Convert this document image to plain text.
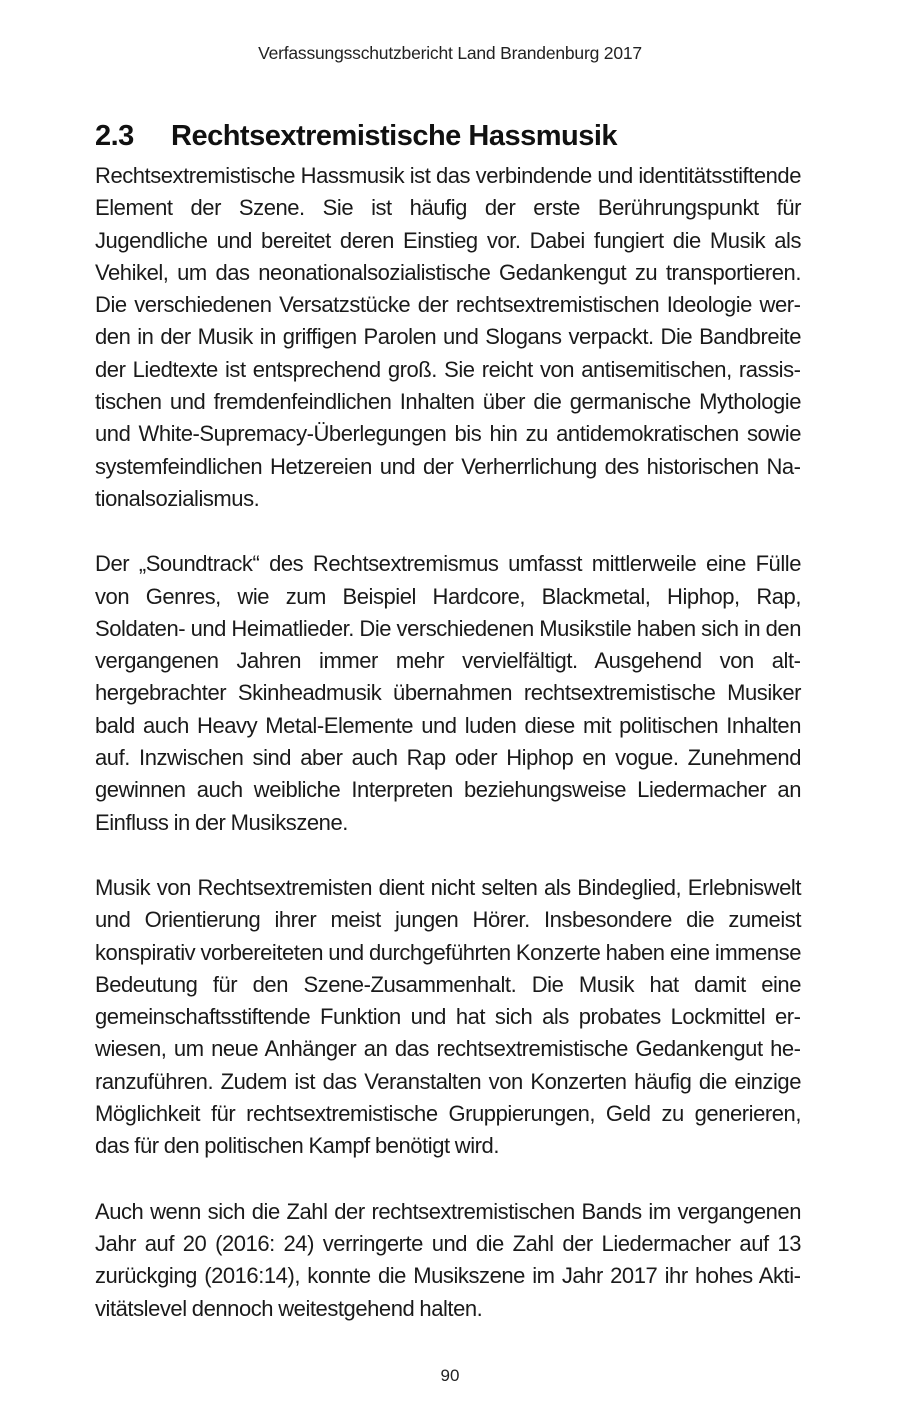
Verfassungsschutzbericht Land Brandenburg 2017
2.3 Rechtsextremistische Hassmusik

Rechtsextremistische Hassmusik ist das verbindende und identitätsstiftende Element der Szene. Sie ist häufig der erste Berührungspunkt für Jugendliche und bereitet deren Einstieg vor. Dabei fungiert die Musik als Vehikel, um das neonationalsozialistische Gedankengut zu transportieren. Die verschiedenen Versatzstücke der rechtsextremistischen Ideologie werden in der Musik in griffigen Parolen und Slogans verpackt. Die Bandbreite der Liedtexte ist entsprechend groß. Sie reicht von antisemitischen, rassistischen und fremdenfeindlichen Inhalten über die germanische Mythologie und White-Supremacy-Überlegungen bis hin zu antidemokratischen sowie systemfeindlichen Hetzereien und der Verherrlichung des historischen Nationalsozialismus.

Der „Soundtrack“ des Rechtsextremismus umfasst mittlerweile eine Fülle von Genres, wie zum Beispiel Hardcore, Blackmetal, Hiphop, Rap, Soldaten- und Heimatlieder. Die verschiedenen Musikstile haben sich in den vergangenen Jahren immer mehr vervielfältigt. Ausgehend von althergebrachter Skinheadmusik übernahmen rechtsextremistische Musiker bald auch Heavy Metal-Elemente und luden diese mit politischen Inhalten auf. Inzwischen sind aber auch Rap oder Hiphop en vogue. Zunehmend gewinnen auch weibliche Interpreten beziehungsweise Liedermacher an Einfluss in der Musikszene.

Musik von Rechtsextremisten dient nicht selten als Bindeglied, Erlebniswelt und Orientierung ihrer meist jungen Hörer. Insbesondere die zumeist konspirativ vorbereiteten und durchgeführten Konzerte haben eine immense Bedeutung für den Szene-Zusammenhalt. Die Musik hat damit eine gemeinschaftsstiftende Funktion und hat sich als probates Lockmittel erwiesen, um neue Anhänger an das rechtsextremistische Gedankengut heranzuführen. Zudem ist das Veranstalten von Konzerten häufig die einzige Möglichkeit für rechtsextremistische Gruppierungen, Geld zu generieren, das für den politischen Kampf benötigt wird.

Auch wenn sich die Zahl der rechtsextremistischen Bands im vergangenen Jahr auf 20 (2016: 24) verringerte und die Zahl der Liedermacher auf 13 zurückging (2016:14), konnte die Musikszene im Jahr 2017 ihr hohes Aktivitätslevel dennoch weitestgehend halten.

90
